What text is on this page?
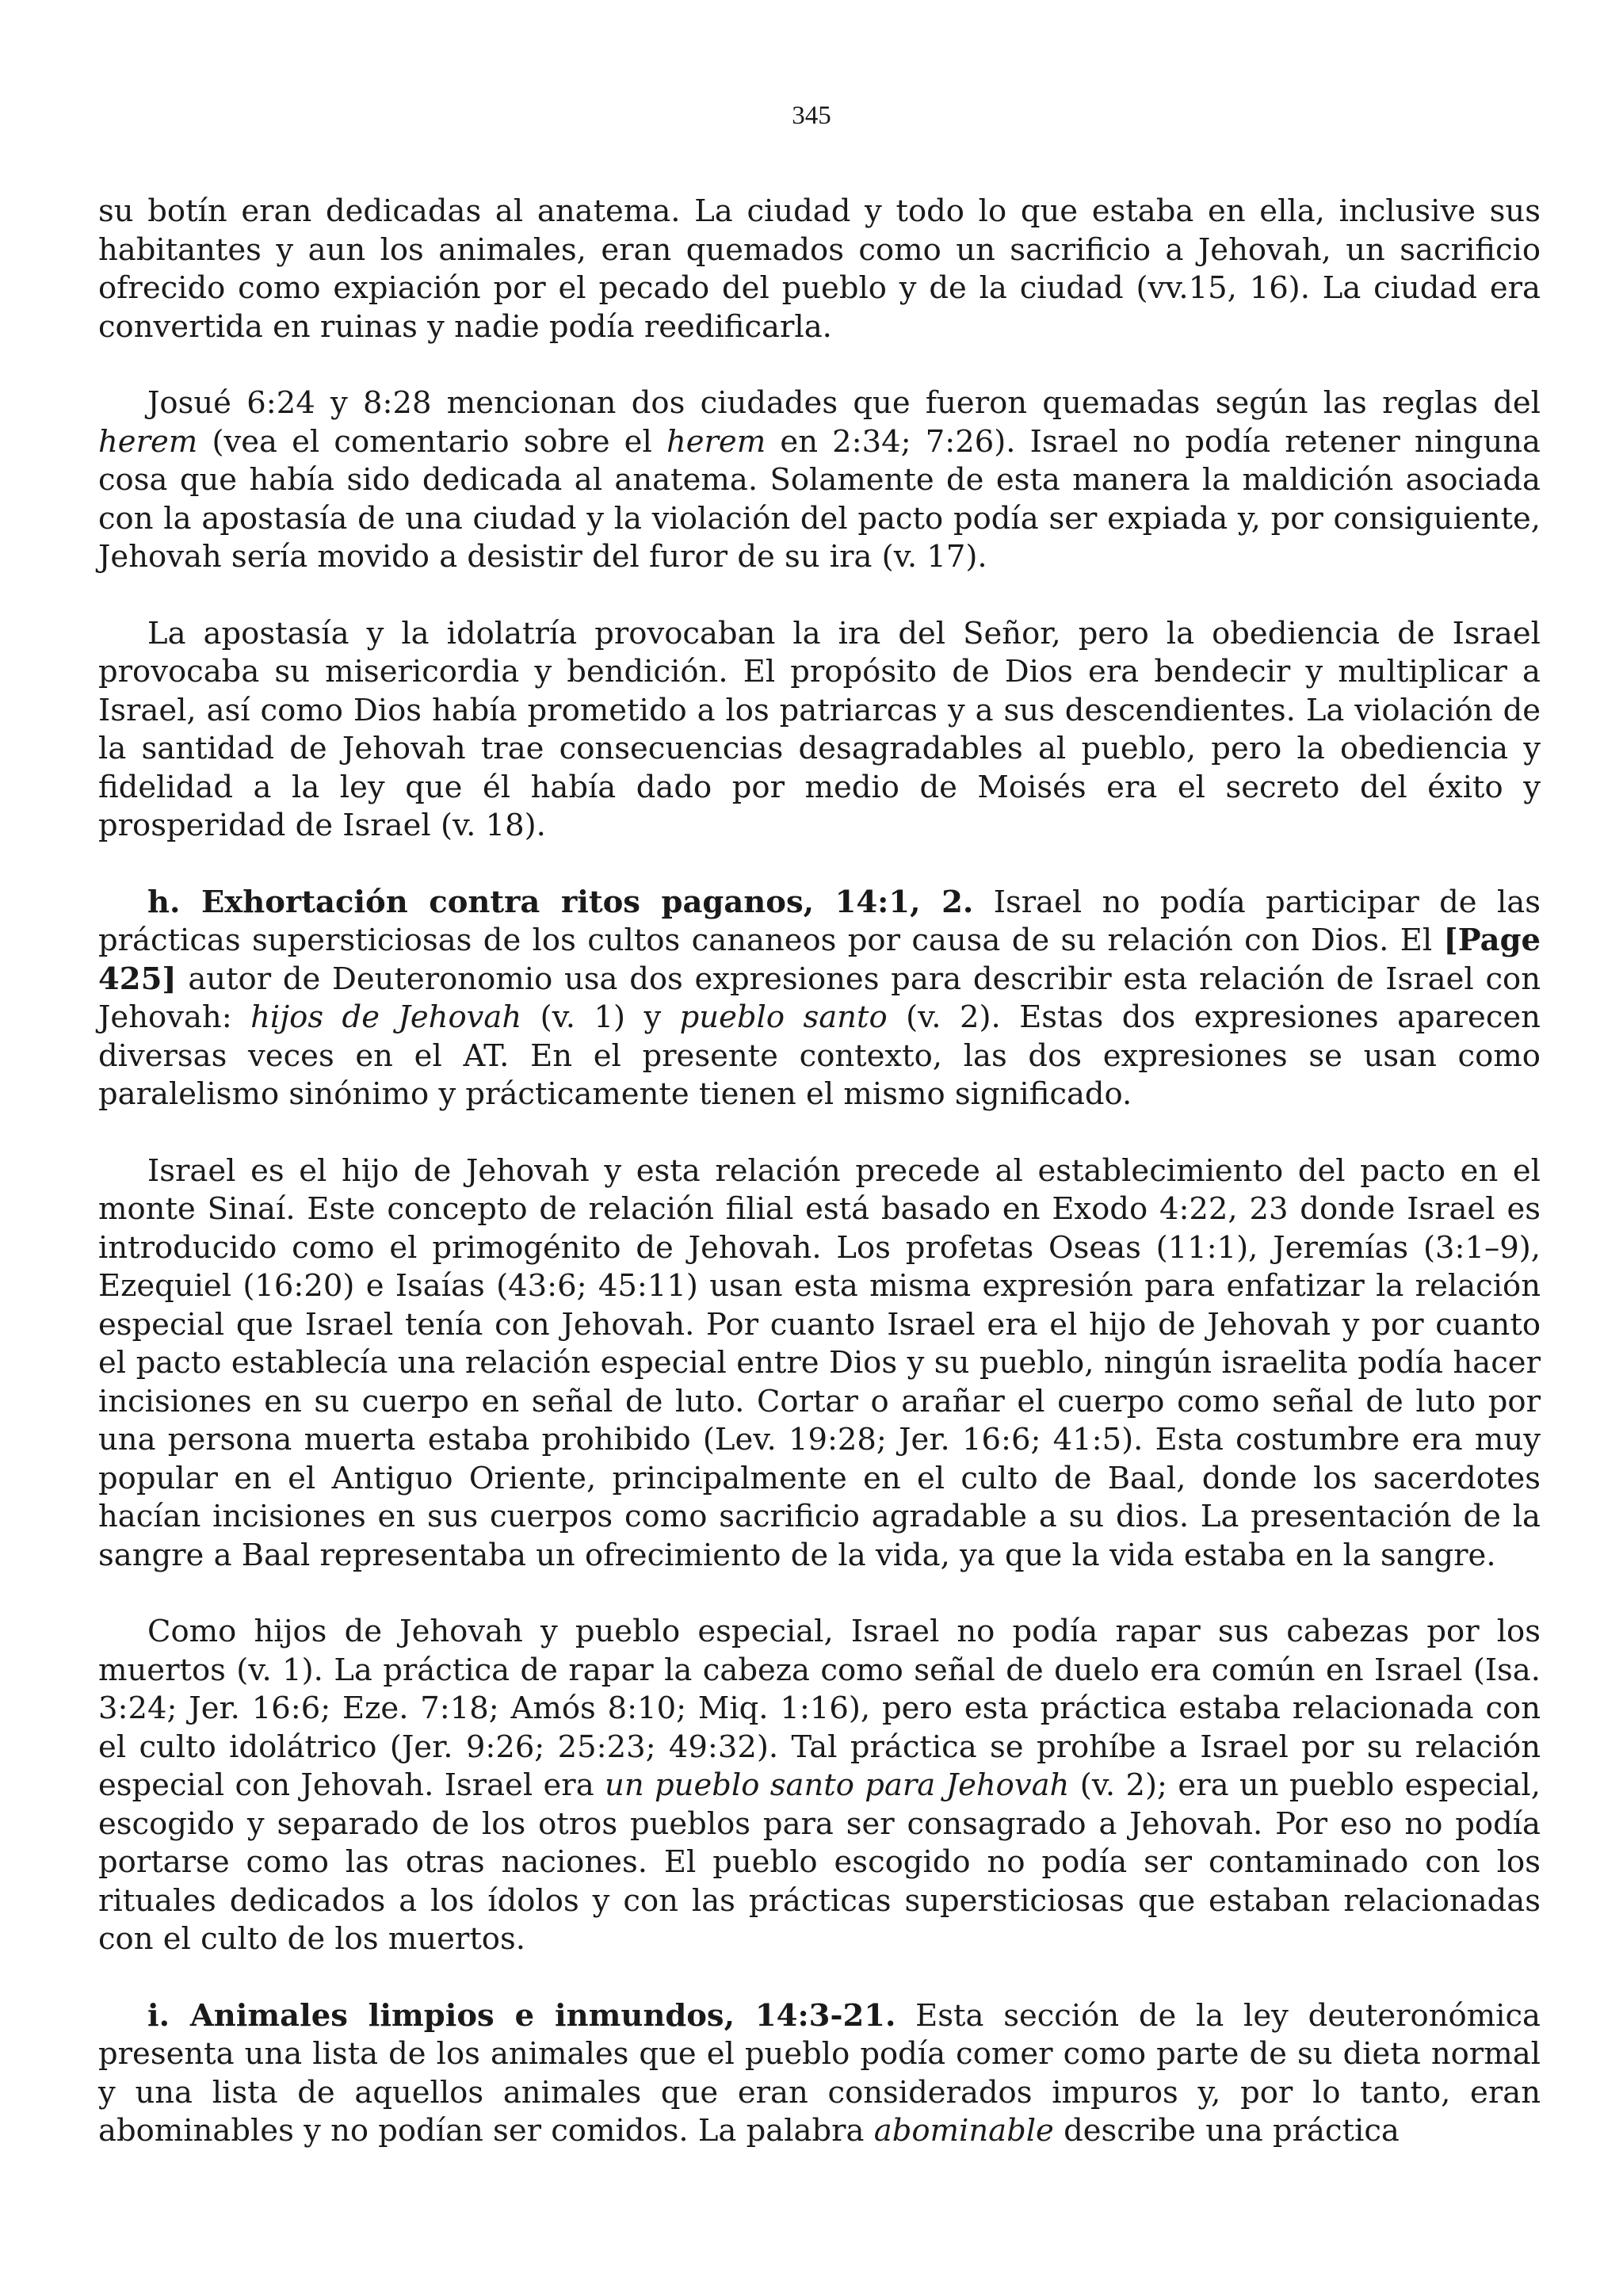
345

su botín eran dedicadas al anatema. La ciudad y todo lo que estaba en ella, inclusive sus habitantes y aun los animales, eran quemados como un sacrificio a Jehovah, un sacrificio ofrecido como expiación por el pecado del pueblo y de la ciudad (vv.15, 16). La ciudad era convertida en ruinas y nadie podía reedificarla.

Josué 6:24 y 8:28 mencionan dos ciudades que fueron quemadas según las reglas del herem (vea el comentario sobre el herem en 2:34; 7:26). Israel no podía retener ninguna cosa que había sido dedicada al anatema. Solamente de esta manera la maldición asociada con la apostasía de una ciudad y la violación del pacto podía ser expiada y, por consiguiente, Jehovah sería movido a desistir del furor de su ira (v. 17).

La apostasía y la idolatría provocaban la ira del Señor, pero la obediencia de Israel provocaba su misericordia y bendición. El propósito de Dios era bendecir y multiplicar a Israel, así como Dios había prometido a los patriarcas y a sus descendientes. La violación de la santidad de Jehovah trae consecuencias desagradables al pueblo, pero la obediencia y fidelidad a la ley que él había dado por medio de Moisés era el secreto del éxito y prosperidad de Israel (v. 18).

h. Exhortación contra ritos paganos, 14:1, 2. Israel no podía participar de las prácticas supersticiosas de los cultos cananeos por causa de su relación con Dios. El [Page 425] autor de Deuteronomio usa dos expresiones para describir esta relación de Israel con Jehovah: hijos de Jehovah (v. 1) y pueblo santo (v. 2). Estas dos expresiones aparecen diversas veces en el AT. En el presente contexto, las dos expresiones se usan como paralelismo sinónimo y prácticamente tienen el mismo significado.

Israel es el hijo de Jehovah y esta relación precede al establecimiento del pacto en el monte Sinaí. Este concepto de relación filial está basado en Exodo 4:22, 23 donde Israel es introducido como el primogénito de Jehovah. Los profetas Oseas (11:1), Jeremías (3:1–9), Ezequiel (16:20) e Isaías (43:6; 45:11) usan esta misma expresión para enfatizar la relación especial que Israel tenía con Jehovah. Por cuanto Israel era el hijo de Jehovah y por cuanto el pacto establecía una relación especial entre Dios y su pueblo, ningún israelita podía hacer incisiones en su cuerpo en señal de luto. Cortar o arañar el cuerpo como señal de luto por una persona muerta estaba prohibido (Lev. 19:28; Jer. 16:6; 41:5). Esta costumbre era muy popular en el Antiguo Oriente, principalmente en el culto de Baal, donde los sacerdotes hacían incisiones en sus cuerpos como sacrificio agradable a su dios. La presentación de la sangre a Baal representaba un ofrecimiento de la vida, ya que la vida estaba en la sangre.

Como hijos de Jehovah y pueblo especial, Israel no podía rapar sus cabezas por los muertos (v. 1). La práctica de rapar la cabeza como señal de duelo era común en Israel (Isa. 3:24; Jer. 16:6; Eze. 7:18; Amós 8:10; Miq. 1:16), pero esta práctica estaba relacionada con el culto idolátrico (Jer. 9:26; 25:23; 49:32). Tal práctica se prohíbe a Israel por su relación especial con Jehovah. Israel era un pueblo santo para Jehovah (v. 2); era un pueblo especial, escogido y separado de los otros pueblos para ser consagrado a Jehovah. Por eso no podía portarse como las otras naciones. El pueblo escogido no podía ser contaminado con los rituales dedicados a los ídolos y con las prácticas supersticiosas que estaban relacionadas con el culto de los muertos.

i. Animales limpios e inmundos, 14:3-21. Esta sección de la ley deuteronómica presenta una lista de los animales que el pueblo podía comer como parte de su dieta normal y una lista de aquellos animales que eran considerados impuros y, por lo tanto, eran abominables y no podían ser comidos. La palabra abominable describe una práctica
